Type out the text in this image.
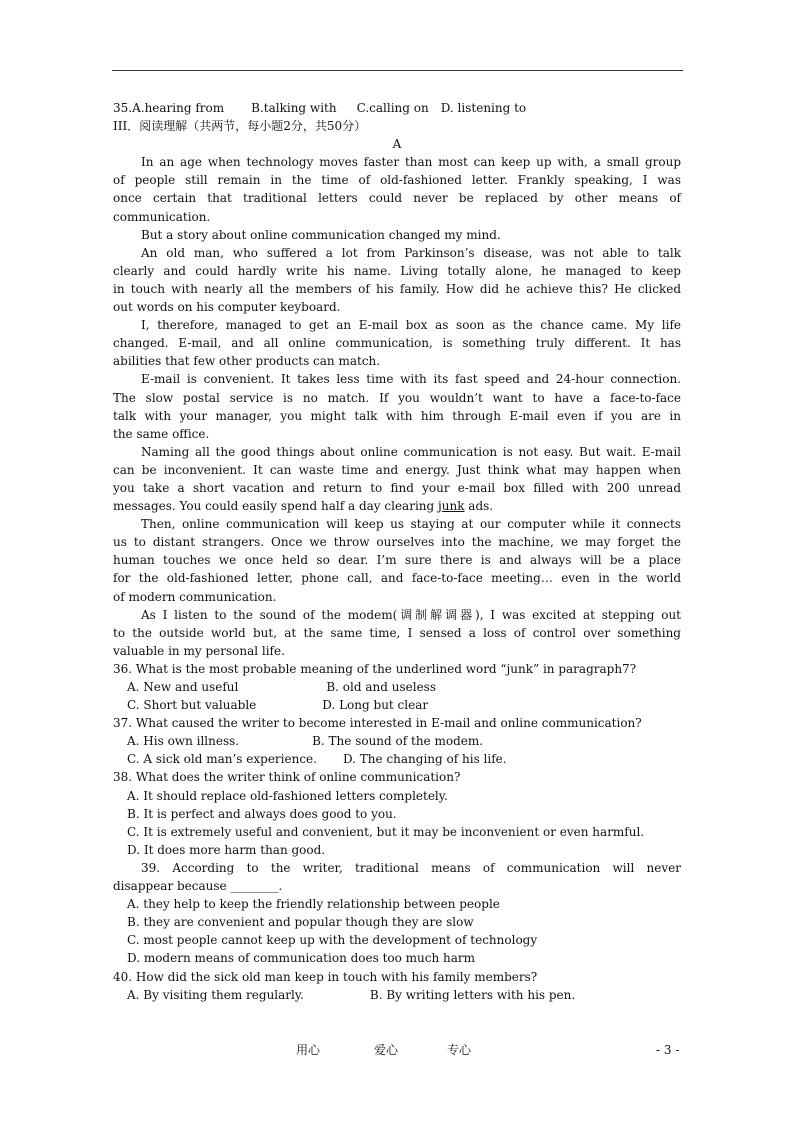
35.A.hearing from B.talking with C.calling on D. listening to
III．阅读理解（共两节，每小题2分，共50分）
A
In an age when technology moves faster than most can keep up with, a small group
of people still remain in the time of old-fashioned letter. Frankly speaking, I was
once certain that traditional letters could never be replaced by other means of
communication.
But a story about online communication changed my mind.
An old man, who suffered a lot from Parkinson’s disease, was not able to talk
clearly and could hardly write his name. Living totally alone, he managed to keep
in touch with nearly all the members of his family. How did he achieve this? He clicked
out words on his computer keyboard.
I, therefore, managed to get an E-mail box as soon as the chance came. My life
changed. E-mail, and all online communication, is something truly different. It has
abilities that few other products can match.
E-mail is convenient. It takes less time with its fast speed and 24-hour connection.
The slow postal service is no match. If you wouldn’t want to have a face-to-face
talk with your manager, you might talk with him through E-mail even if you are in
the same office.
Naming all the good things about online communication is not easy. But wait. E-mail
can be inconvenient. It can waste time and energy. Just think what may happen when
you take a short vacation and return to find your e-mail box filled with 200 unread
messages. You could easily spend half a day clearing junk ads.
Then, online communication will keep us staying at our computer while it connects
us to distant strangers. Once we throw ourselves into the machine, we may forget the
human touches we once held so dear. I’m sure there is and always will be a place
for the old-fashioned letter, phone call, and face-to-face meeting… even in the world
of modern communication.
As I listen to the sound of the modem(调制解调器), I was excited at stepping out
to the outside world but, at the same time, I sensed a loss of control over something
valuable in my personal life.
36. What is the most probable meaning of the underlined word “junk” in paragraph7?
A. New and useful	B. old and useless
C. Short but valuable	D. Long but clear
37. What caused the writer to become interested in E-mail and online communication?
A. His own illness.	B. The sound of the modem.
C. A sick old man’s experience. D. The changing of his life.
38. What does the writer think of online communication?
A. It should replace old-fashioned letters completely.
B. It is perfect and always does good to you.
C. It is extremely useful and convenient, but it may be inconvenient or even harmful.
D. It does more harm than good.
39. According to the writer, traditional means of communication will never
disappear because ________.
A. they help to keep the friendly relationship between people
B. they are convenient and popular though they are slow
C. most people cannot keep up with the development of technology
D. modern means of communication does too much harm
40. How did the sick old man keep in touch with his family members?
A. By visiting them regularly.	B. By writing letters with his pen.
用心	爱心	专心	- 3 -
